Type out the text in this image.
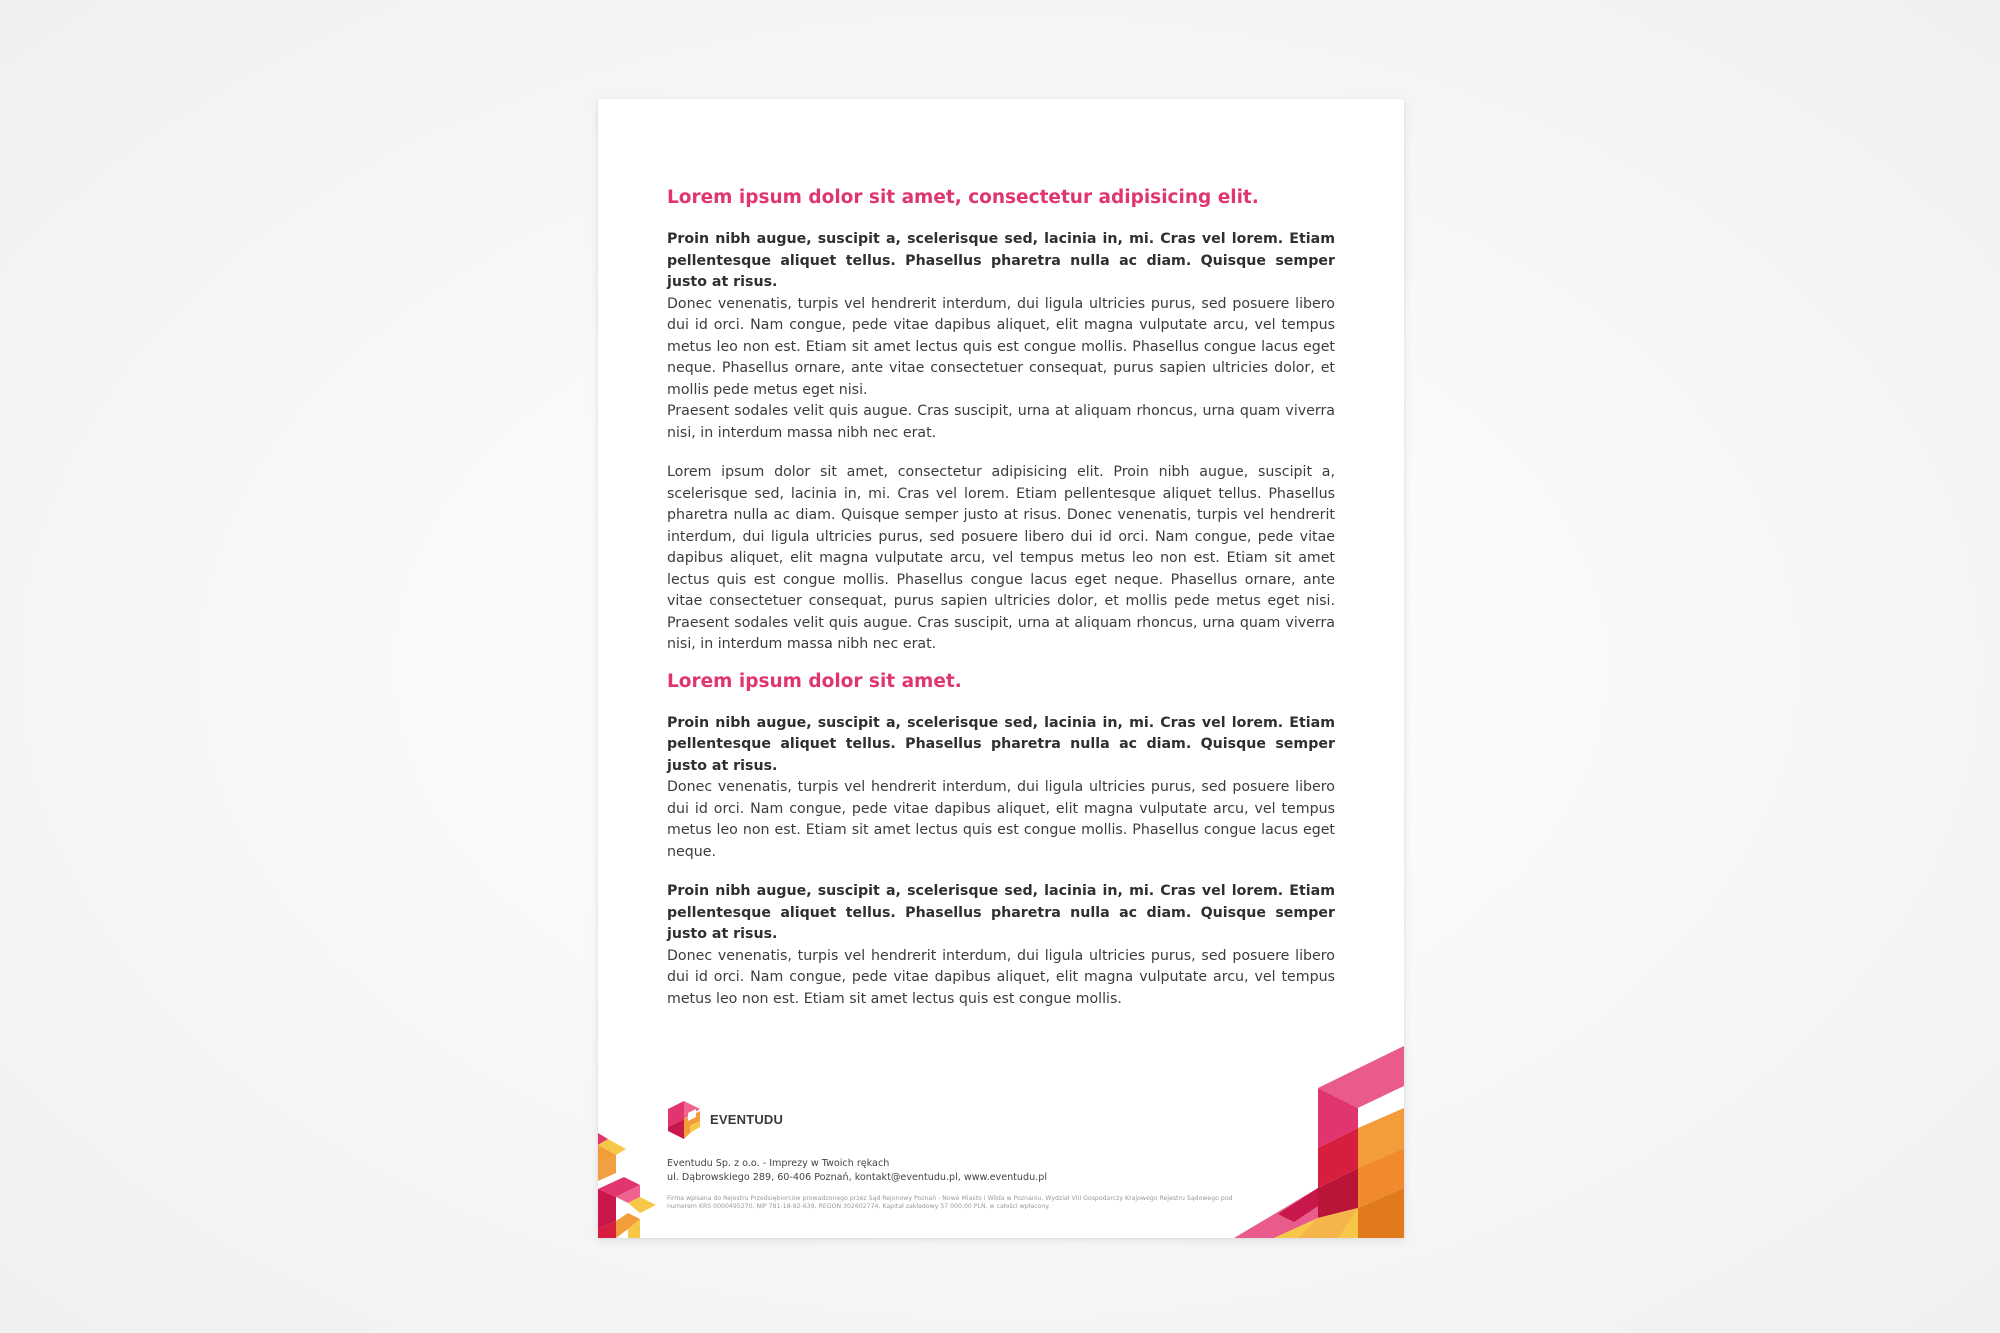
Lorem ipsum dolor sit amet, consectetur adipisicing elit.

Proin nibh augue, suscipit a, scelerisque sed, lacinia in, mi. Cras vel lorem. Etiam pellentesque aliquet tellus. Phasellus pharetra nulla ac diam. Quisque semper justo at risus.

Donec venenatis, turpis vel hendrerit interdum, dui ligula ultricies purus, sed posuere libero dui id orci. Nam congue, pede vitae dapibus aliquet, elit magna vulputate arcu, vel tempus metus leo non est. Etiam sit amet lectus quis est congue mollis. Phasellus congue lacus eget neque. Phasellus ornare, ante vitae consectetuer consequat, purus sapien ultricies dolor, et mollis pede metus eget nisi.

Praesent sodales velit quis augue. Cras suscipit, urna at aliquam rhoncus, urna quam viverra nisi, in interdum massa nibh nec erat.

Lorem ipsum dolor sit amet, consectetur adipisicing elit. Proin nibh augue, suscipit a, scelerisque sed, lacinia in, mi. Cras vel lorem. Etiam pellentesque aliquet tellus. Phasellus pharetra nulla ac diam. Quisque semper justo at risus. Donec venenatis, turpis vel hendrerit interdum, dui ligula ultricies purus, sed posuere libero dui id orci. Nam congue, pede vitae dapibus aliquet, elit magna vulputate arcu, vel tempus metus leo non est. Etiam sit amet lectus quis est congue mollis. Phasellus congue lacus eget neque. Phasellus ornare, ante vitae consectetuer consequat, purus sapien ultricies dolor, et mollis pede metus eget nisi. Praesent sodales velit quis augue. Cras suscipit, urna at aliquam rhoncus, urna quam viverra nisi, in interdum massa nibh nec erat.

Lorem ipsum dolor sit amet.

Proin nibh augue, suscipit a, scelerisque sed, lacinia in, mi. Cras vel lorem. Etiam pellentesque aliquet tellus. Phasellus pharetra nulla ac diam. Quisque semper justo at risus.

Donec venenatis, turpis vel hendrerit interdum, dui ligula ultricies purus, sed posuere libero dui id orci. Nam congue, pede vitae dapibus aliquet, elit magna vulputate arcu, vel tempus metus leo non est. Etiam sit amet lectus quis est congue mollis. Phasellus congue lacus eget neque.

Proin nibh augue, suscipit a, scelerisque sed, lacinia in, mi. Cras vel lorem. Etiam pellentesque aliquet tellus. Phasellus pharetra nulla ac diam. Quisque semper justo at risus.

Donec venenatis, turpis vel hendrerit interdum, dui ligula ultricies purus, sed posuere libero dui id orci. Nam congue, pede vitae dapibus aliquet, elit magna vulputate arcu, vel tempus metus leo non est. Etiam sit amet lectus quis est congue mollis.

EVENTUDU
Eventudu Sp. z o.o. - Imprezy w Twoich rękach
ul. Dąbrowskiego 289, 60-406 Poznań, kontakt@eventudu.pl, www.eventudu.pl
Firma wpisana do Rejestru Przedsiębiorców prowadzonego przez Sąd Rejonowy Poznań - Nowe Miasto i Wilda w Poznaniu, Wydział VIII Gospodarczy Krajowego Rejestru Sądowego pod
numerem KRS 0000495270, NIP 781-18-92-639, REGON 302602774, Kapitał zakładowy 57 000,00 PLN, w całości wpłacony.
